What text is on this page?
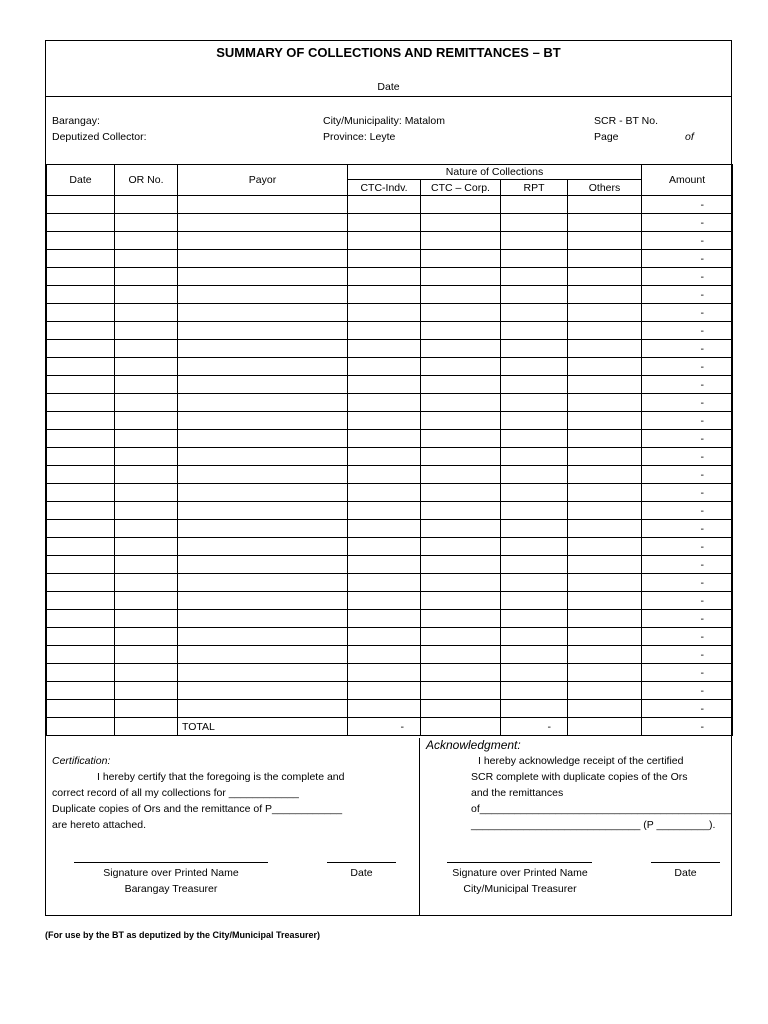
SUMMARY OF COLLECTIONS AND REMITTANCES – BT
Date
Barangay:
Deputized Collector:
City/Municipality: Matalom
Province: Leyte
SCR - BT No.
Page	of
Date	OR No.	Payor	Nature of Collections				Amount
			CTC-Indv.	CTC – Corp.	RPT	Others	
							-
							-
							-
							-
							-
							-
							-
							-
							-
							-
							-
							-
							-
							-
							-
							-
							-
							-
							-
							-
							-
							-
							-
							-
							-
							-
							-
							-
							-
		TOTAL	-		-		-
Certification:
I hereby certify that the foregoing is the complete and
correct record of all my collections for ____________
Duplicate copies of Ors and the remittance of P____________
are hereto attached.
Signature over Printed Name
Barangay Treasurer
Date
Acknowledgment:
I hereby acknowledge receipt of the certified
SCR complete with duplicate copies of the Ors
and the remittances
of___________________________________________
_____________________________ (P _________).
Signature over Printed Name
City/Municipal Treasurer
Date
(For use by the BT as deputized by the City/Municipal Treasurer)
